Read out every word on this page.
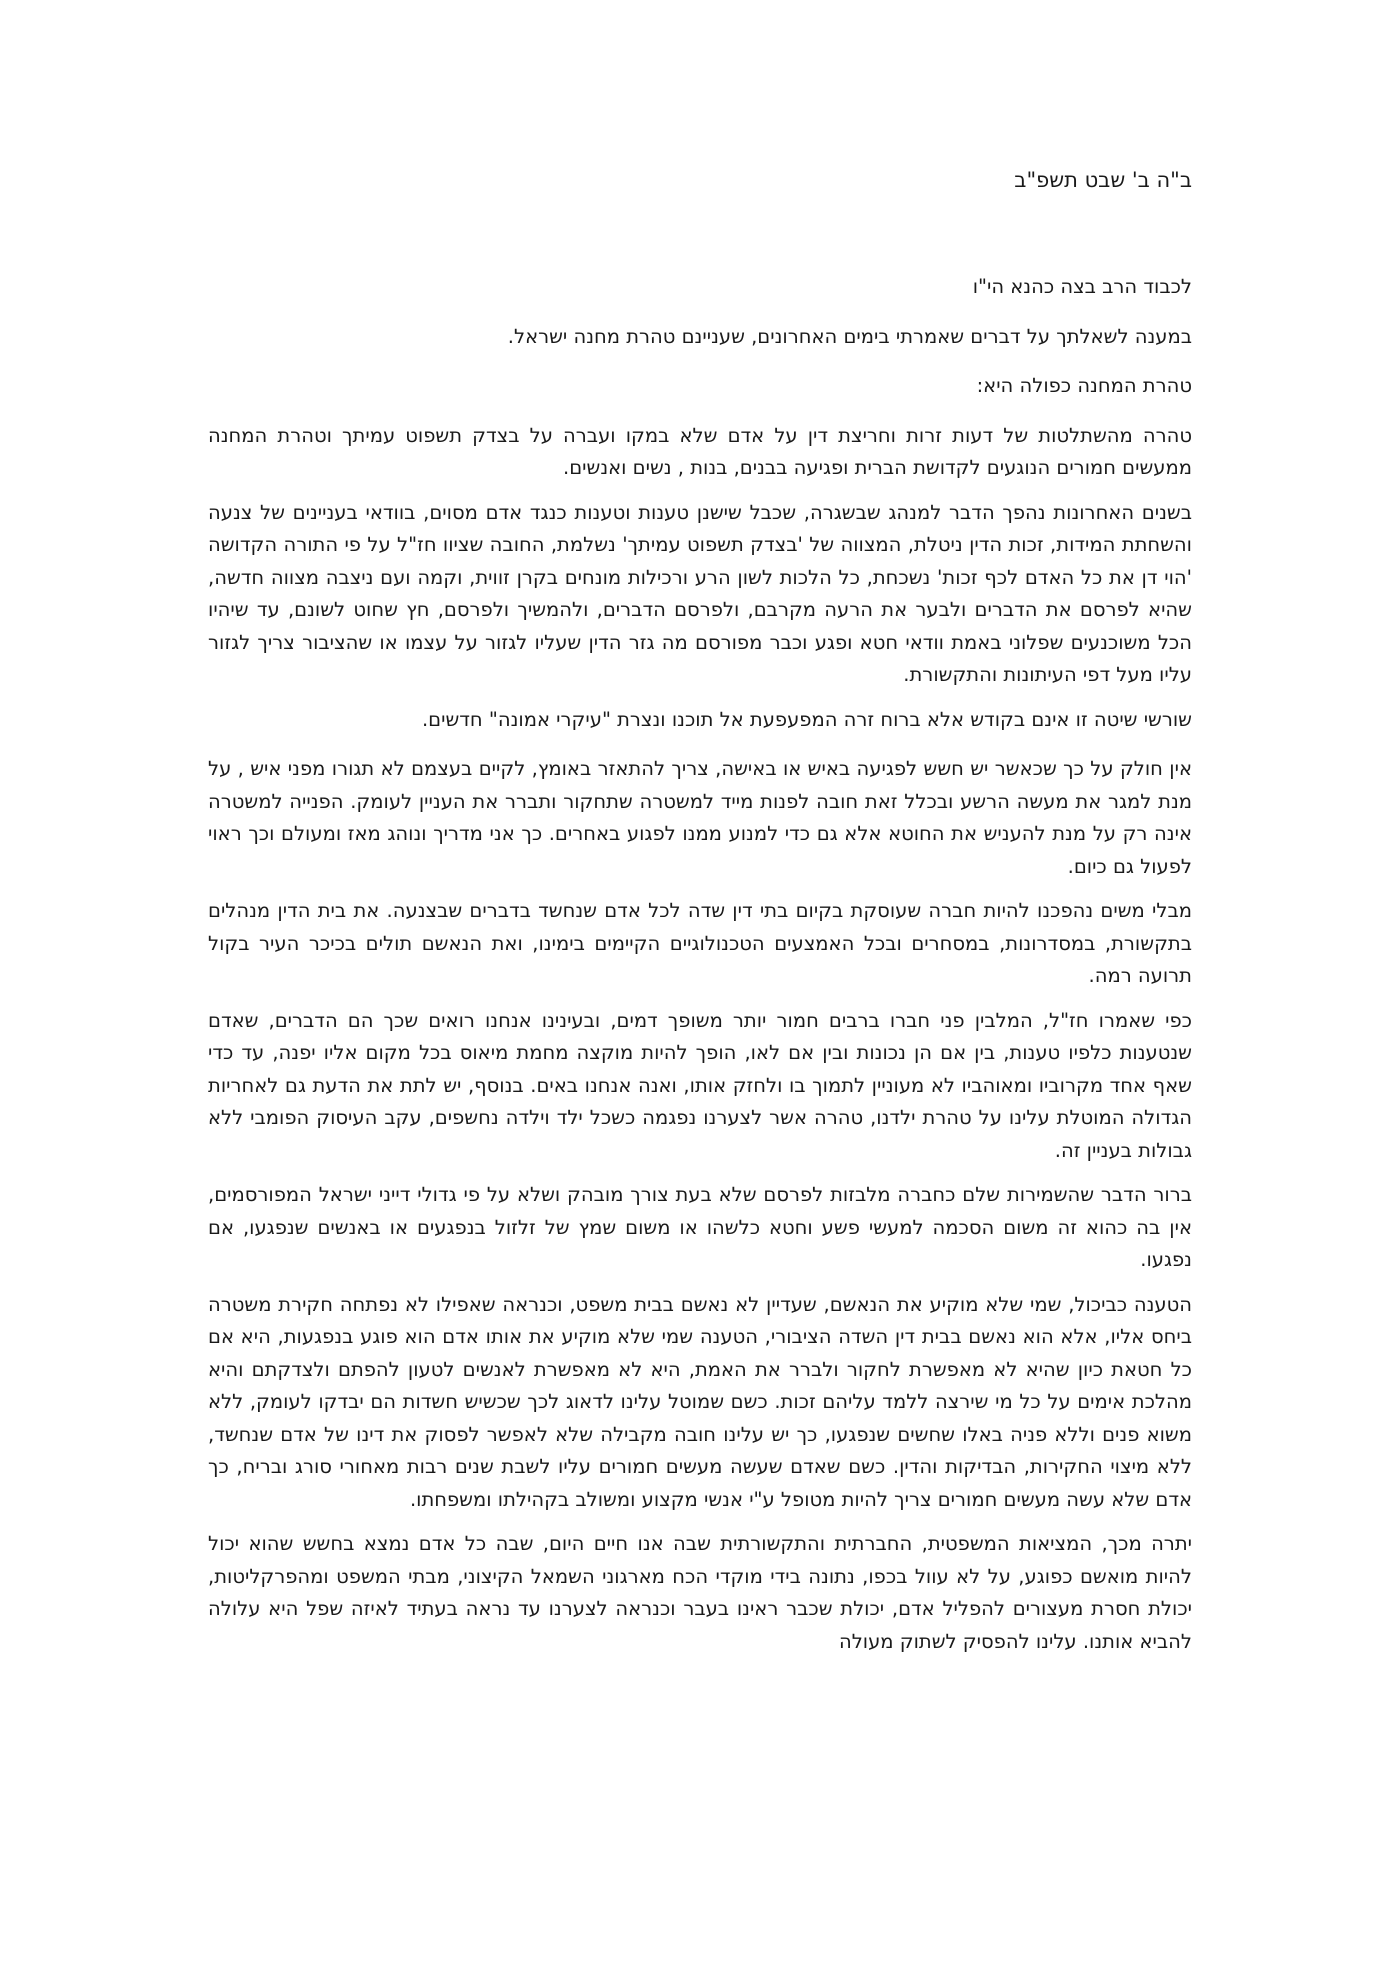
ב"ה ב' שבט תשפ"ב
לכבוד הרב בצה כהנא הי"ו
במענה לשאלתך על דברים שאמרתי בימים האחרונים, שעניינם טהרת מחנה ישראל.
טהרת המחנה כפולה היא:
טהרה מהשתלטות של דעות זרות וחריצת דין על אדם שלא במקו ועברה על בצדק תשפוט עמיתך וטהרת המחנה ממעשים חמורים הנוגעים לקדושת הברית ופגיעה בבנים, בנות , נשים ואנשים.
בשנים האחרונות נהפך הדבר למנהג שבשגרה, שכבל שישנן טענות וטענות כנגד אדם מסוים, בוודאי בעניינים של צנעה והשחתת המידות, זכות הדין ניטלת, המצווה של 'בצדק תשפוט עמיתך' נשלמת, החובה שציוו חז"ל על פי התורה הקדושה 'הוי דן את כל האדם לכף זכות' נשכחת, כל הלכות לשון הרע ורכילות מונחים בקרן זווית, וקמה ועם ניצבה מצווה חדשה, שהיא לפרסם את הדברים ולבער את הרעה מקרבם, ולפרסם הדברים, ולהמשיך ולפרסם, חץ שחוט לשונם, עד שיהיו הכל משוכנעים שפלוני באמת וודאי חטא ופגע וכבר מפורסם מה גזר הדין שעליו לגזור על עצמו או שהציבור צריך לגזור עליו מעל דפי העיתונות והתקשורת.
שורשי שיטה זו אינם בקודש אלא ברוח זרה המפעפעת אל תוכנו ונצרת "עיקרי אמונה" חדשים.
אין חולק על כך שכאשר יש חשש לפגיעה באיש או באישה, צריך להתאזר באומץ, לקיים בעצמם לא תגורו מפני איש , על מנת למגר את מעשה הרשע ובכלל זאת חובה לפנות מייד למשטרה שתחקור ותברר את העניין לעומק. הפנייה למשטרה אינה רק על מנת להעניש את החוטא אלא גם כדי למנוע ממנו לפגוע באחרים. כך אני מדריך ונוהג מאז ומעולם וכך ראוי לפעול גם כיום.
מבלי משים נהפכנו להיות חברה שעוסקת בקיום בתי דין שדה לכל אדם שנחשד בדברים שבצנעה. את בית הדין מנהלים בתקשורת, במסדרונות, במסחרים ובכל האמצעים הטכנולוגיים הקיימים בימינו, ואת הנאשם תולים בכיכר העיר בקול תרועה רמה.
כפי שאמרו חז"ל, המלבין פני חברו ברבים חמור יותר משופך דמים, ובעינינו אנחנו רואים שכך הם הדברים, שאדם שנטענות כלפיו טענות, בין אם הן נכונות ובין אם לאו, הופך להיות מוקצה מחמת מיאוס בכל מקום אליו יפנה, עד כדי שאף אחד מקרוביו ומאוהביו לא מעוניין לתמוך בו ולחזק אותו, ואנה אנחנו באים. בנוסף, יש לתת את הדעת גם לאחריות הגדולה המוטלת עלינו על טהרת ילדנו, טהרה אשר לצערנו נפגמה כשכל ילד וילדה נחשפים, עקב העיסוק הפומבי ללא גבולות בעניין זה.
ברור הדבר שהשמירות שלם כחברה מלבזות לפרסם שלא בעת צורך מובהק ושלא על פי גדולי דייני ישראל המפורסמים, אין בה כהוא זה משום הסכמה למעשי פשע וחטא כלשהו או משום שמץ של זלזול בנפגעים או באנשים שנפגעו, אם נפגעו.
הטענה כביכול, שמי שלא מוקיע את הנאשם, שעדיין לא נאשם בבית משפט, וכנראה שאפילו לא נפתחה חקירת משטרה ביחס אליו, אלא הוא נאשם בבית דין השדה הציבורי, הטענה שמי שלא מוקיע את אותו אדם הוא פוגע בנפגעות, היא אם כל חטאת כיון שהיא לא מאפשרת לחקור ולברר את האמת, היא לא מאפשרת לאנשים לטעון להפתם ולצדקתם והיא מהלכת אימים על כל מי שירצה ללמד עליהם זכות. כשם שמוטל עלינו לדאוג לכך שכשיש חשדות הם יבדקו לעומק, ללא משוא פנים וללא פניה באלו שחשים שנפגעו, כך יש עלינו חובה מקבילה שלא לאפשר לפסוק את דינו של אדם שנחשד, ללא מיצוי החקירות, הבדיקות והדין. כשם שאדם שעשה מעשים חמורים עליו לשבת שנים רבות מאחורי סורג ובריח, כך אדם שלא עשה מעשים חמורים צריך להיות מטופל ע"י אנשי מקצוע ומשולב בקהילתו ומשפחתו.
יתרה מכך, המציאות המשפטית, החברתית והתקשורתית שבה אנו חיים היום, שבה כל אדם נמצא בחשש שהוא יכול להיות מואשם כפוגע, על לא עוול בכפו, נתונה בידי מוקדי הכח מארגוני השמאל הקיצוני, מבתי המשפט ומהפרקליטות, יכולת חסרת מעצורים להפליל אדם, יכולת שכבר ראינו בעבר וכנראה לצערנו עד נראה בעתיד לאיזה שפל היא עלולה להביא אותנו. עלינו להפסיק לשתוק מעולה
